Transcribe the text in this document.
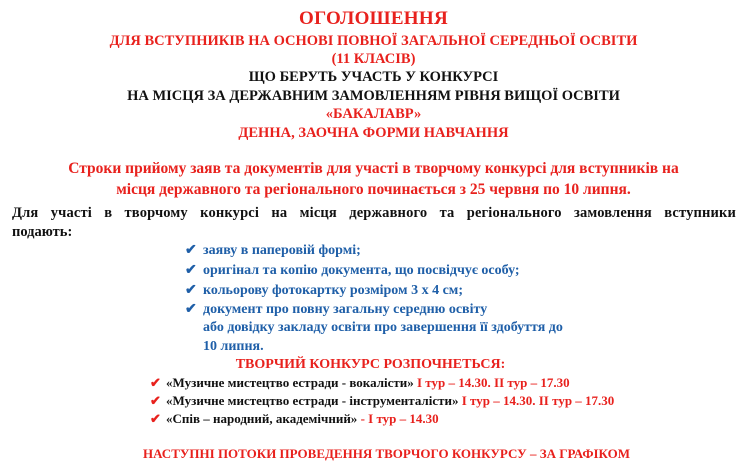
ОГОЛОШЕННЯ
ДЛЯ ВСТУПНИКІВ НА ОСНОВІ ПОВНОЇ ЗАГАЛЬНОЇ СЕРЕДНЬОЇ ОСВІТИ
(11 КЛАСІВ)
ЩО БЕРУТЬ УЧАСТЬ У КОНКУРСІ
НА МІСЦЯ ЗА ДЕРЖАВНИМ ЗАМОВЛЕННЯМ РІВНЯ ВИЩОЇ ОСВІТИ
«БАКАЛАВР»
ДЕННА, ЗАОЧНА ФОРМИ НАВЧАННЯ
Строки прийому заяв та документів для участі в творчому конкурсі для вступників на
місця державного та регіонального починається з 25 червня по 10 липня.
Для участі в творчому конкурсі на місця державного та регіонального замовлення вступники
подають:
✔ заяву в паперовій формі;
✔ оригінал та копію документа, що посвідчує особу;
✔ кольорову фотокартку розміром 3 х 4 см;
✔ документ про повну загальну середню освіту
або довідку закладу освіти про завершення її здобуття до
10 липня.
ТВОРЧИЙ КОНКУРС РОЗПОЧНЕТЬСЯ:
✔ «Музичне мистецтво естради - вокалісти» І тур – 14.30. ІІ тур – 17.30
✔ «Музичне мистецтво естради - інструменталісти» І тур – 14.30. ІІ тур – 17.30
✔ «Спів – народний, академічний» - І тур – 14.30
НАСТУПНІ ПОТОКИ ПРОВЕДЕННЯ ТВОРЧОГО КОНКУРСУ – ЗА ГРАФІКОМ
